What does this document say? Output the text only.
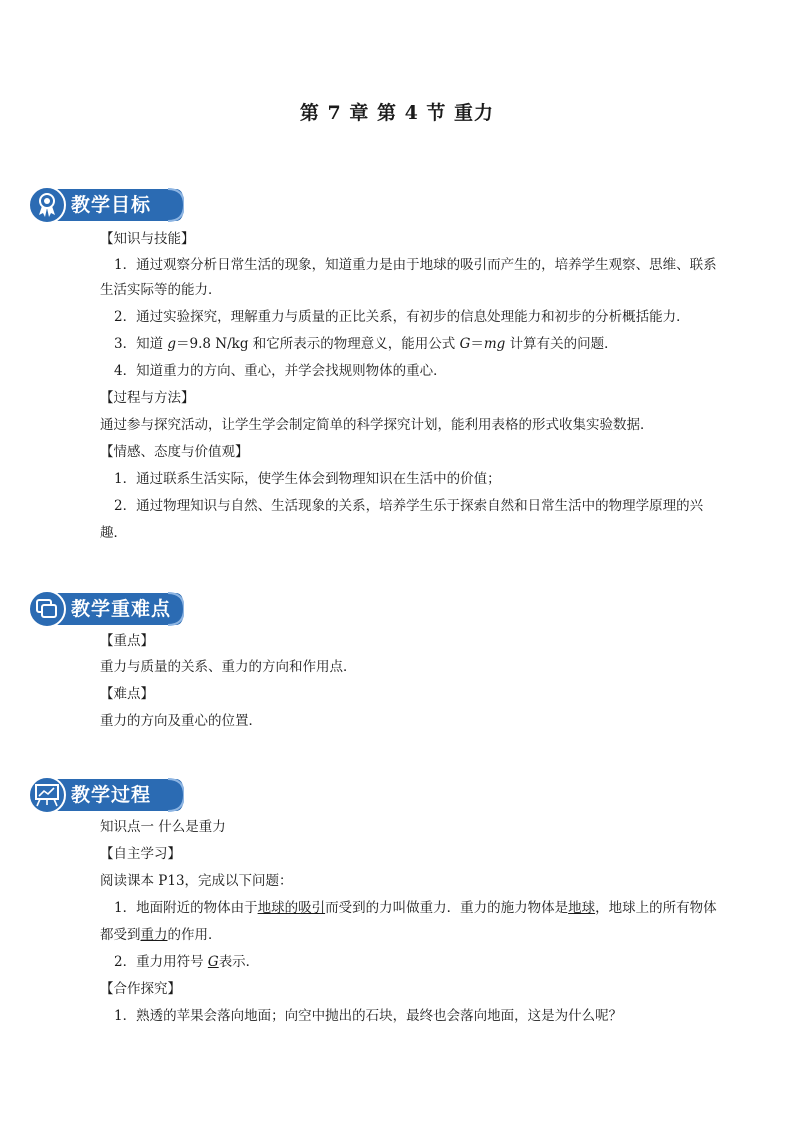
第 7 章 第 4 节 重力
教学目标
【知识与技能】
1．通过观察分析日常生活的现象，知道重力是由于地球的吸引而产生的，培养学生观察、思维、联系
生活实际等的能力．
2．通过实验探究，理解重力与质量的正比关系，有初步的信息处理能力和初步的分析概括能力．
3．知道 g＝9.8 N/kg 和它所表示的物理意义，能用公式 G＝mg 计算有关的问题．
4．知道重力的方向、重心，并学会找规则物体的重心．
【过程与方法】
通过参与探究活动，让学生学会制定简单的科学探究计划，能利用表格的形式收集实验数据．
【情感、态度与价值观】
1．通过联系生活实际，使学生体会到物理知识在生活中的价值；
2．通过物理知识与自然、生活现象的关系，培养学生乐于探索自然和日常生活中的物理学原理的兴
趣．
教学重难点
【重点】
重力与质量的关系、重力的方向和作用点．
【难点】
重力的方向及重心的位置．
教学过程
知识点一 什么是重力
【自主学习】
阅读课本 P13，完成以下问题：
1．地面附近的物体由于地球的吸引而受到的力叫做重力．重力的施力物体是地球，地球上的所有物体
都受到重力的作用．
2．重力用符号 G表示．
【合作探究】
1．熟透的苹果会落向地面；向空中抛出的石块，最终也会落向地面，这是为什么呢？
